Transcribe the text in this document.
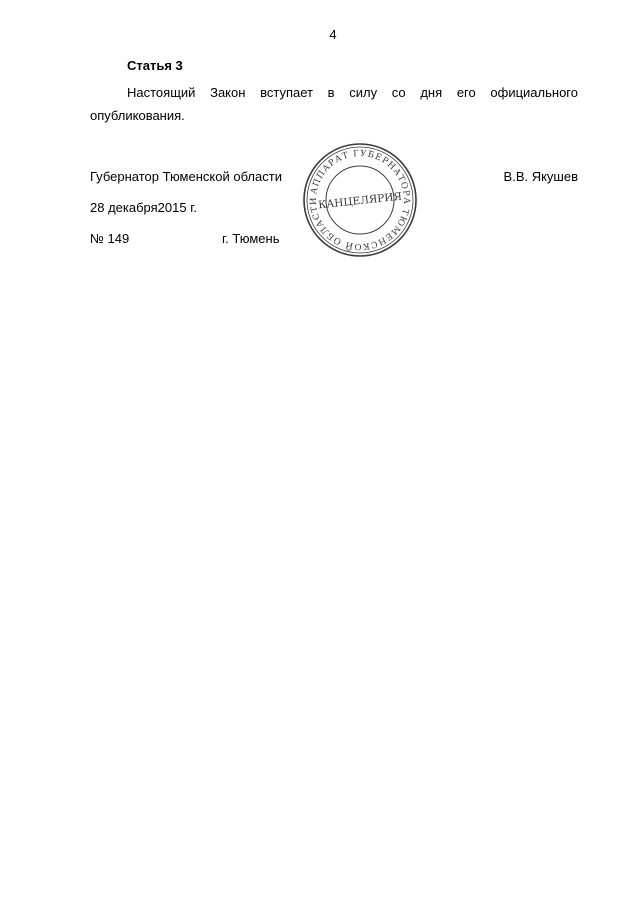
4
Статья 3
Настоящий Закон вступает в силу со дня его официального
опубликования.
Губернатор Тюменской области	В.В. Якушев
28 декабря2015 г.
№ 149	г. Тюмень
АППАРАТ ГУБЕРНАТОРА ТЮМЕНСКОЙ ОБЛАСТИ
КАНЦЕЛЯРИЯ
